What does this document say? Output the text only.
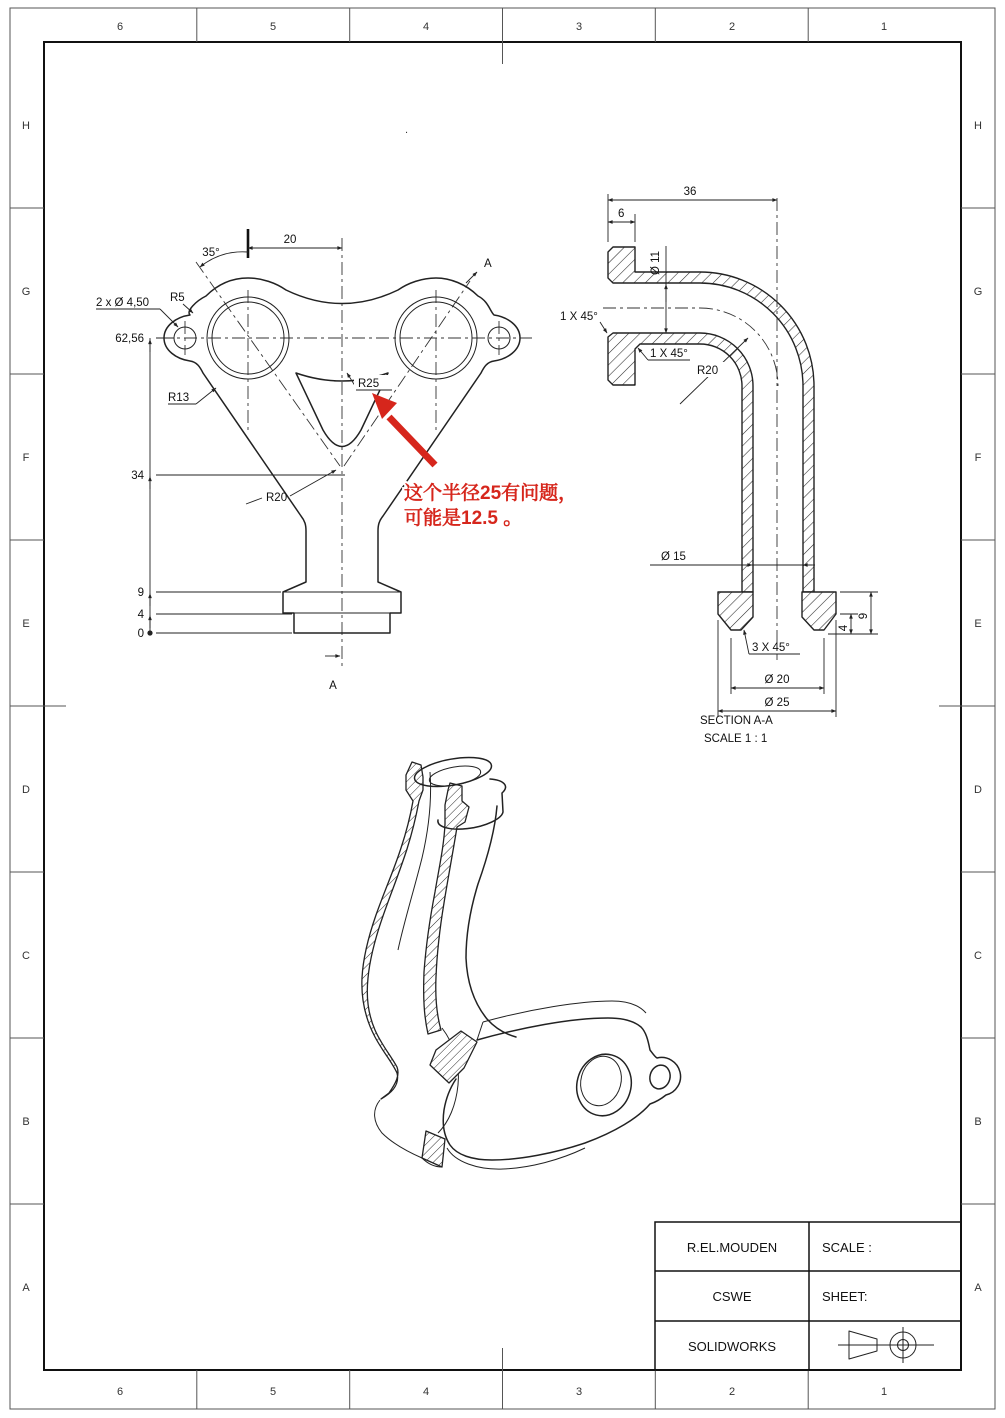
6	5	4	3	2	1
6	5	4	3	2	1
H
G
F
E
D
C
B
A
H
G
F
E
D
C
B
A
.
62,56
34
9
4
0
20
35°
2 x Ø 4,50 R5
R13
R25
R20
A
A
这个半径25有问题，
可能是12.5 。
36
6
Ø 11
1 X 45°
1 X 45°
R20
Ø 15
3 X 45°
Ø 20
Ø 25
4
9
SECTION A-A
SCALE 1 : 1
R.EL.MOUDEN	SCALE :
CSWE	SHEET:
SOLIDWORKS
